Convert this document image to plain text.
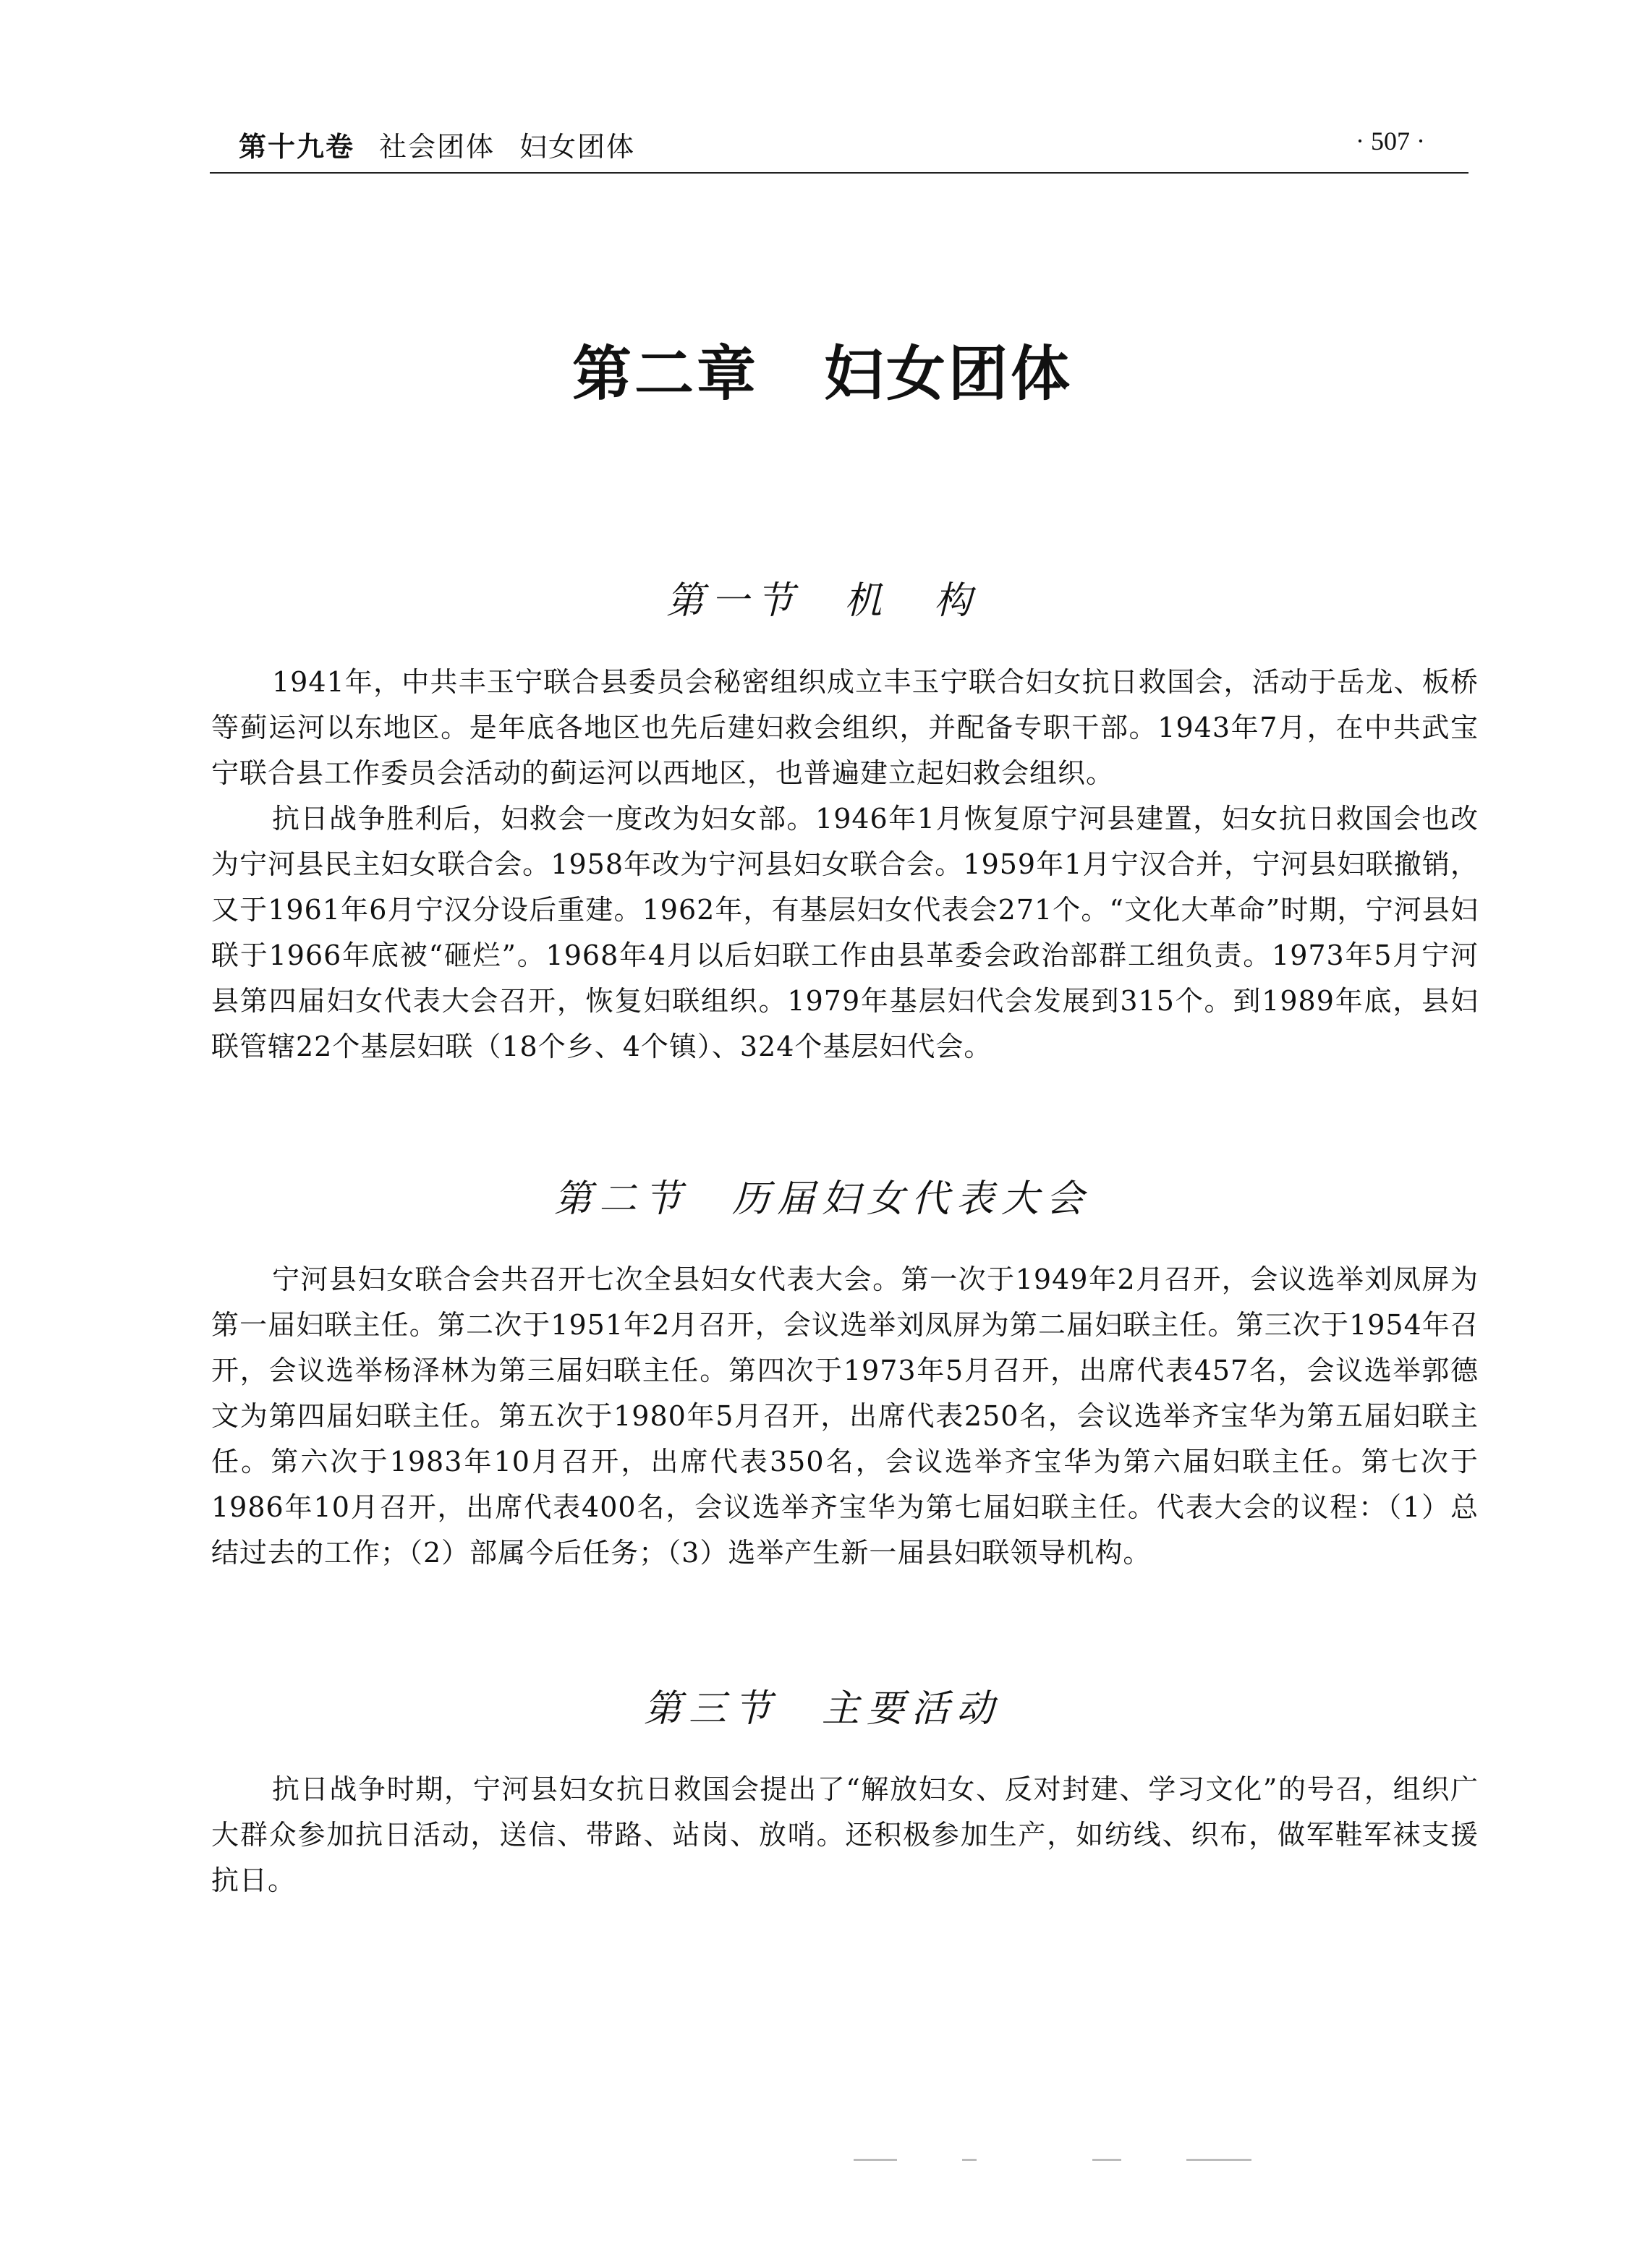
第十九卷 社会团体 妇女团体	· 507 ·
第二章 妇女团体
第一节 机　构

1941年，中共丰玉宁联合县委员会秘密组织成立丰玉宁联合妇女抗日救国会，活动于岳龙、板桥等蓟运河以东地区。是年底各地区也先后建妇救会组织，并配备专职干部。1943年7月，在中共武宝宁联合县工作委员会活动的蓟运河以西地区，也普遍建立起妇救会组织。

抗日战争胜利后，妇救会一度改为妇女部。1946年1月恢复原宁河县建置，妇女抗日救国会也改为宁河县民主妇女联合会。1958年改为宁河县妇女联合会。1959年1月宁汉合并，宁河县妇联撤销，又于1961年6月宁汉分设后重建。1962年，有基层妇女代表会271个。“文化大革命”时期，宁河县妇联于1966年底被“砸烂”。1968年4月以后妇联工作由县革委会政治部群工组负责。1973年5月宁河县第四届妇女代表大会召开，恢复妇联组织。1979年基层妇代会发展到315个。到1989年底，县妇联管辖22个基层妇联（18个乡、4个镇）、324个基层妇代会。

第二节 历届妇女代表大会

宁河县妇女联合会共召开七次全县妇女代表大会。第一次于1949年2月召开，会议选举刘凤屏为第一届妇联主任。第二次于1951年2月召开，会议选举刘凤屏为第二届妇联主任。第三次于1954年召开，会议选举杨泽林为第三届妇联主任。第四次于1973年5月召开，出席代表457名，会议选举郭德文为第四届妇联主任。第五次于1980年5月召开，出席代表250名，会议选举齐宝华为第五届妇联主任。第六次于1983年10月召开，出席代表350名，会议选举齐宝华为第六届妇联主任。第七次于1986年10月召开，出席代表400名，会议选举齐宝华为第七届妇联主任。代表大会的议程：（1）总结过去的工作；（2）部属今后任务；（3）选举产生新一届县妇联领导机构。

第三节 主要活动

抗日战争时期，宁河县妇女抗日救国会提出了“解放妇女、反对封建、学习文化”的号召，组织广大群众参加抗日活动，送信、带路、站岗、放哨。还积极参加生产，如纺线、织布，做军鞋军袜支援抗日。
